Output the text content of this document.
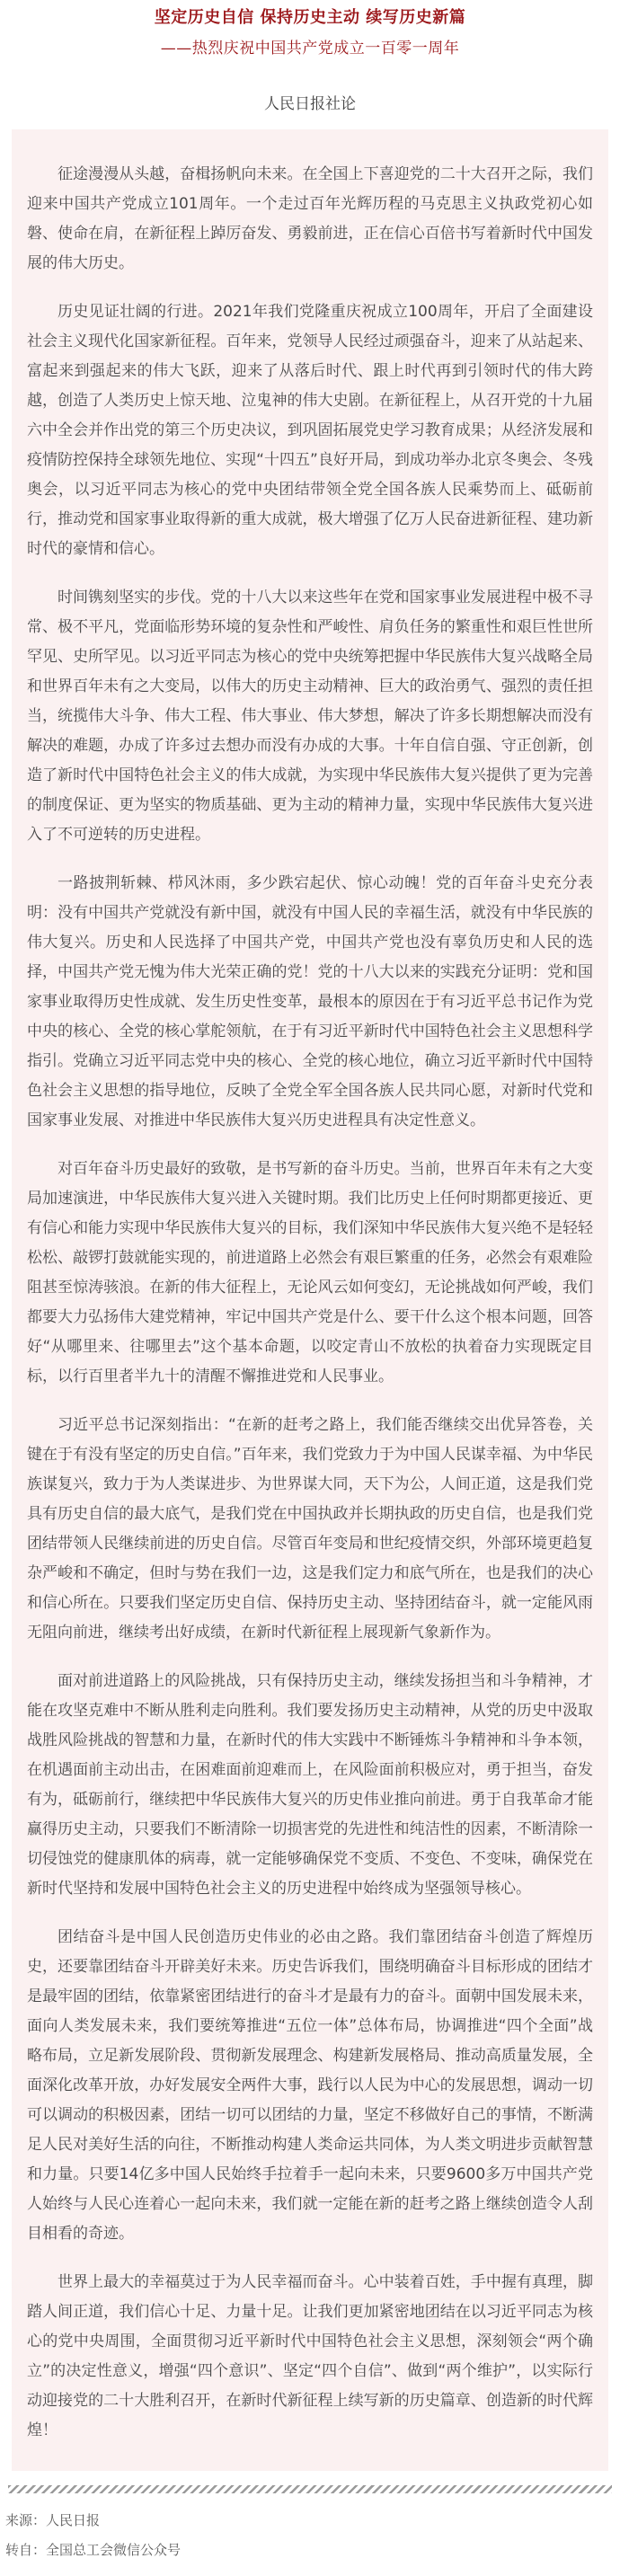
坚定历史自信 保持历史主动 续写历史新篇
——热烈庆祝中国共产党成立一百零一周年
人民日报社论

征途漫漫从头越，奋楫扬帆向未来。在全国上下喜迎党的二十大召开之际，我们迎来中国共产党成立101周年。一个走过百年光辉历程的马克思主义执政党初心如磐、使命在肩，在新征程上踔厉奋发、勇毅前进，正在信心百倍书写着新时代中国发展的伟大历史。

历史见证壮阔的行进。2021年我们党隆重庆祝成立100周年，开启了全面建设社会主义现代化国家新征程。百年来，党领导人民经过顽强奋斗，迎来了从站起来、富起来到强起来的伟大飞跃，迎来了从落后时代、跟上时代再到引领时代的伟大跨越，创造了人类历史上惊天地、泣鬼神的伟大史剧。在新征程上，从召开党的十九届六中全会并作出党的第三个历史决议，到巩固拓展党史学习教育成果；从经济发展和疫情防控保持全球领先地位、实现“十四五”良好开局，到成功举办北京冬奥会、冬残奥会，以习近平同志为核心的党中央团结带领全党全国各族人民乘势而上、砥砺前行，推动党和国家事业取得新的重大成就，极大增强了亿万人民奋进新征程、建功新时代的豪情和信心。

时间镌刻坚实的步伐。党的十八大以来这些年在党和国家事业发展进程中极不寻常、极不平凡，党面临形势环境的复杂性和严峻性、肩负任务的繁重性和艰巨性世所罕见、史所罕见。以习近平同志为核心的党中央统筹把握中华民族伟大复兴战略全局和世界百年未有之大变局，以伟大的历史主动精神、巨大的政治勇气、强烈的责任担当，统揽伟大斗争、伟大工程、伟大事业、伟大梦想，解决了许多长期想解决而没有解决的难题，办成了许多过去想办而没有办成的大事。十年自信自强、守正创新，创造了新时代中国特色社会主义的伟大成就，为实现中华民族伟大复兴提供了更为完善的制度保证、更为坚实的物质基础、更为主动的精神力量，实现中华民族伟大复兴进入了不可逆转的历史进程。

一路披荆斩棘、栉风沐雨，多少跌宕起伏、惊心动魄！党的百年奋斗史充分表明：没有中国共产党就没有新中国，就没有中国人民的幸福生活，就没有中华民族的伟大复兴。历史和人民选择了中国共产党，中国共产党也没有辜负历史和人民的选择，中国共产党无愧为伟大光荣正确的党！党的十八大以来的实践充分证明：党和国家事业取得历史性成就、发生历史性变革，最根本的原因在于有习近平总书记作为党中央的核心、全党的核心掌舵领航，在于有习近平新时代中国特色社会主义思想科学指引。党确立习近平同志党中央的核心、全党的核心地位，确立习近平新时代中国特色社会主义思想的指导地位，反映了全党全军全国各族人民共同心愿，对新时代党和国家事业发展、对推进中华民族伟大复兴历史进程具有决定性意义。

对百年奋斗历史最好的致敬，是书写新的奋斗历史。当前，世界百年未有之大变局加速演进，中华民族伟大复兴进入关键时期。我们比历史上任何时期都更接近、更有信心和能力实现中华民族伟大复兴的目标，我们深知中华民族伟大复兴绝不是轻轻松松、敲锣打鼓就能实现的，前进道路上必然会有艰巨繁重的任务，必然会有艰难险阻甚至惊涛骇浪。在新的伟大征程上，无论风云如何变幻，无论挑战如何严峻，我们都要大力弘扬伟大建党精神，牢记中国共产党是什么、要干什么这个根本问题，回答好“从哪里来、往哪里去”这个基本命题，以咬定青山不放松的执着奋力实现既定目标，以行百里者半九十的清醒不懈推进党和人民事业。

习近平总书记深刻指出：“在新的赶考之路上，我们能否继续交出优异答卷，关键在于有没有坚定的历史自信。”百年来，我们党致力于为中国人民谋幸福、为中华民族谋复兴，致力于为人类谋进步、为世界谋大同，天下为公，人间正道，这是我们党具有历史自信的最大底气，是我们党在中国执政并长期执政的历史自信，也是我们党团结带领人民继续前进的历史自信。尽管百年变局和世纪疫情交织，外部环境更趋复杂严峻和不确定，但时与势在我们一边，这是我们定力和底气所在，也是我们的决心和信心所在。只要我们坚定历史自信、保持历史主动、坚持团结奋斗，就一定能风雨无阻向前进，继续考出好成绩，在新时代新征程上展现新气象新作为。

面对前进道路上的风险挑战，只有保持历史主动，继续发扬担当和斗争精神，才能在攻坚克难中不断从胜利走向胜利。我们要发扬历史主动精神，从党的历史中汲取战胜风险挑战的智慧和力量，在新时代的伟大实践中不断锤炼斗争精神和斗争本领，在机遇面前主动出击，在困难面前迎难而上，在风险面前积极应对，勇于担当，奋发有为，砥砺前行，继续把中华民族伟大复兴的历史伟业推向前进。勇于自我革命才能赢得历史主动，只要我们不断清除一切损害党的先进性和纯洁性的因素，不断清除一切侵蚀党的健康肌体的病毒，就一定能够确保党不变质、不变色、不变味，确保党在新时代坚持和发展中国特色社会主义的历史进程中始终成为坚强领导核心。

团结奋斗是中国人民创造历史伟业的必由之路。我们靠团结奋斗创造了辉煌历史，还要靠团结奋斗开辟美好未来。历史告诉我们，围绕明确奋斗目标形成的团结才是最牢固的团结，依靠紧密团结进行的奋斗才是最有力的奋斗。面朝中国发展未来，面向人类发展未来，我们要统筹推进“五位一体”总体布局，协调推进“四个全面”战略布局，立足新发展阶段、贯彻新发展理念、构建新发展格局、推动高质量发展，全面深化改革开放，办好发展安全两件大事，践行以人民为中心的发展思想，调动一切可以调动的积极因素，团结一切可以团结的力量，坚定不移做好自己的事情，不断满足人民对美好生活的向往，不断推动构建人类命运共同体，为人类文明进步贡献智慧和力量。只要14亿多中国人民始终手拉着手一起向未来，只要9600多万中国共产党人始终与人民心连着心一起向未来，我们就一定能在新的赶考之路上继续创造令人刮目相看的奇迹。

世界上最大的幸福莫过于为人民幸福而奋斗。心中装着百姓，手中握有真理，脚踏人间正道，我们信心十足、力量十足。让我们更加紧密地团结在以习近平同志为核心的党中央周围，全面贯彻习近平新时代中国特色社会主义思想，深刻领会“两个确立”的决定性意义，增强“四个意识”、坚定“四个自信”、做到“两个维护”，以实际行动迎接党的二十大胜利召开，在新时代新征程上续写新的历史篇章、创造新的时代辉煌！

来源：人民日报
转自：全国总工会微信公众号
